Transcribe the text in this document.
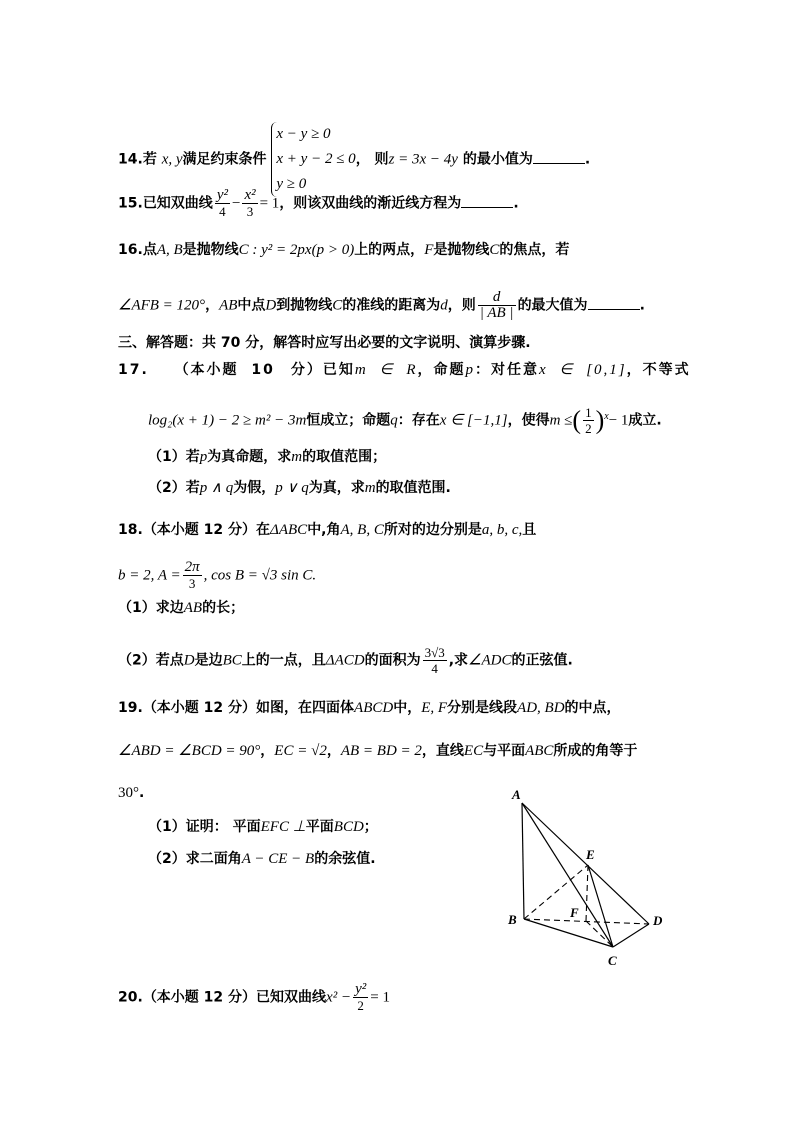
14.若 x, y满足约束条件
x − y ≥ 0
x + y − 2 ≤ 0
y ≥ 0
， 则z = 3x − 4y 的最小值为	.
15.已知双曲线 $\frac{\text{y²}}{4} - \frac{\text{x²}}{3} = 1$，则该双曲线的渐近线方程为	.
16.点A, B是抛物线C : y² = 2px(p > 0)上的两点，F是抛物线C的焦点，若
∠AFB = 120°，AB中点D到抛物线C的准线的距离为d，则 $\frac{d}{| AB |}$ 的最大值为	.
三、解答题：共 70 分，解答时应写出必要的文字说明、演算步骤.
17. （本小题 10　分）已知m ∈ R，命题p：对任意x ∈ [0,1]，不等式
log₂(x + 1) − 2 ≥ m² − 3m恒成立；命题q：存在x ∈ [−1,1]，使得m ≤( $\frac{1}{2} )^x- 1$成立.
（1）若p为真命题，求m的取值范围；
（2）若p ∧ q为假，p ∨ q为真，求m的取值范围.
18.（本小题 12 分）在ΔABC中,角A, B, C所对的边分别是a, b, c,且
b = 2, $A = \frac{2\pi}{3}$ , cos B = √3 sin C.
（1）求边AB的长；
（2）若点D是边BC上的一点，且ΔACD的面积为 $\frac{3√3}{4}$ ,求∠ADC的正弦值.
19.（本小题 12 分）如图，在四面体ABCD中，E, F分别是线段AD, BD的中点，
∠ABD = ∠BCD = 90°，EC = √2，AB = BD = 2，直线EC与平面ABC所成的角等于
30°.
（1）证明： 平面EFC ⊥平面BCD；
（2）求二面角A − CE − B的余弦值.
A
B
C
D
E
F
20.（本小题 12 分）已知双曲线$x^2 - \frac{\text{y²}}{2} = 1$
